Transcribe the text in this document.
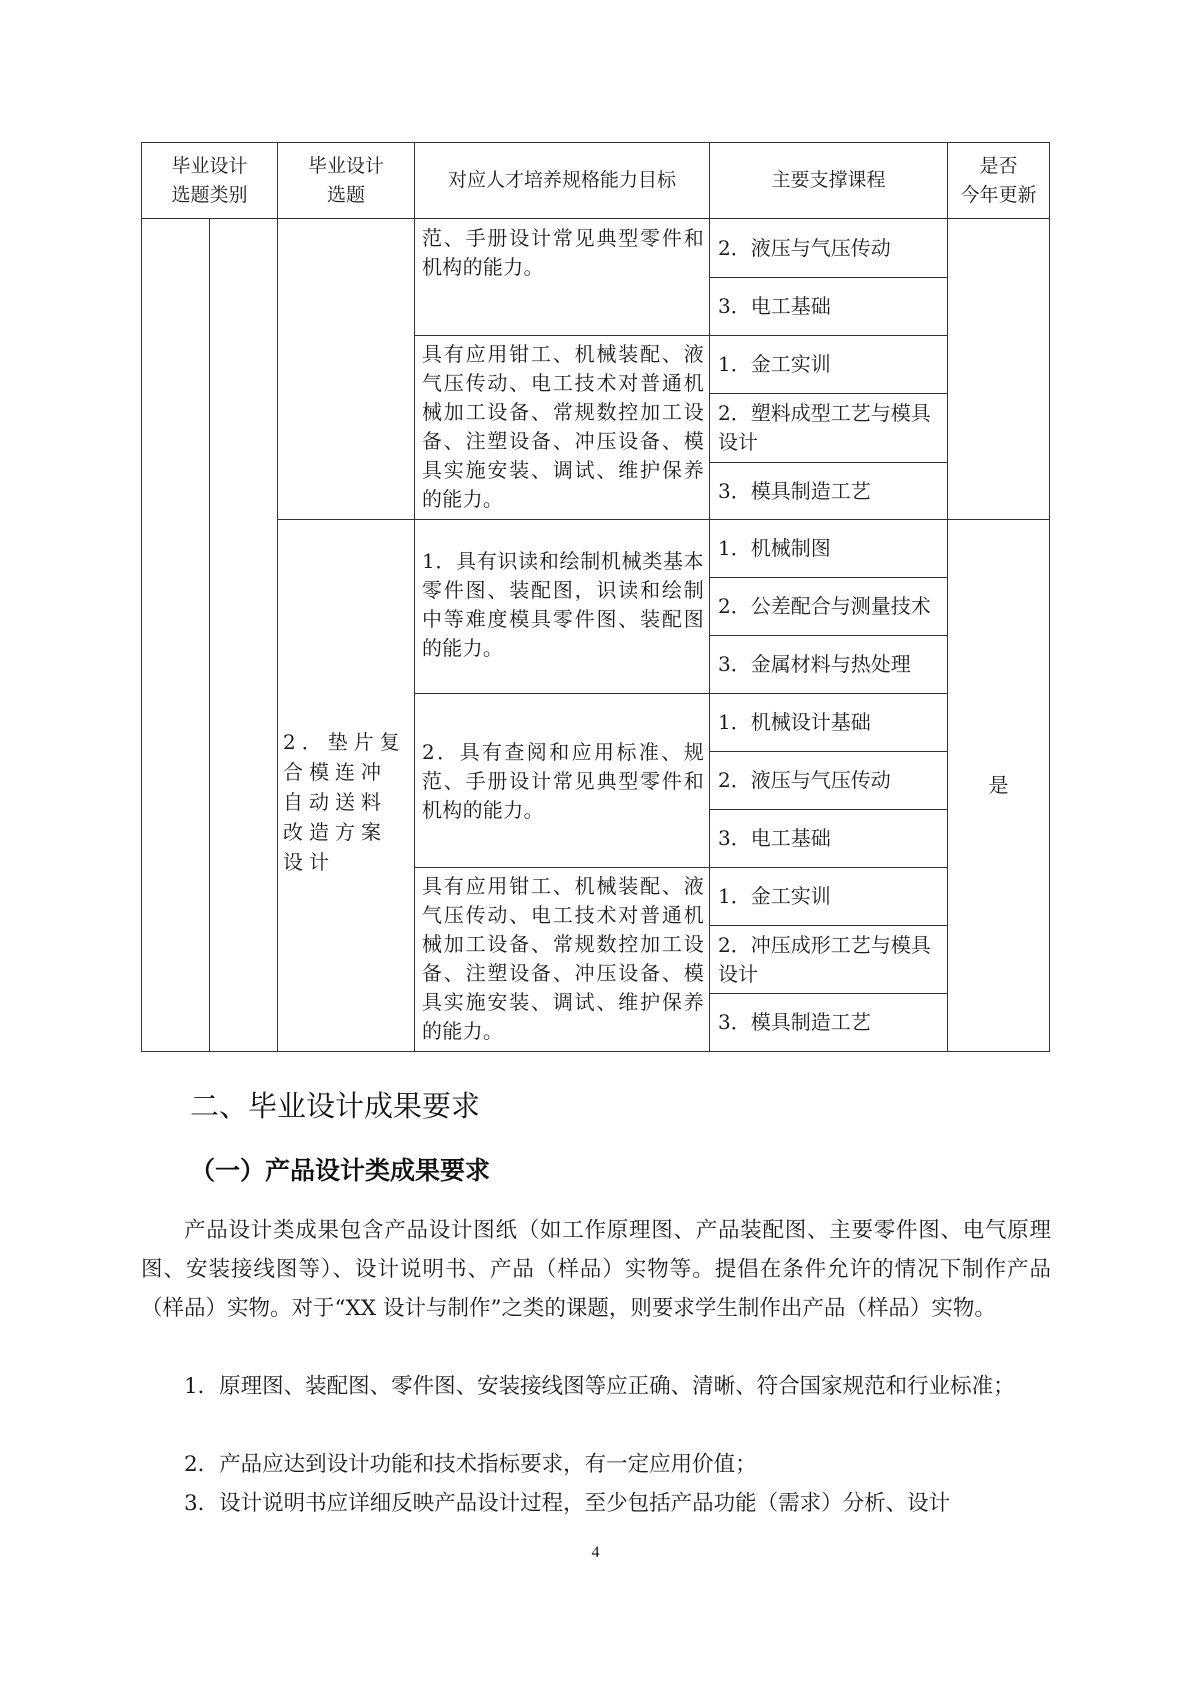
毕业设计
选题类别
毕业设计
选题
对应人才培养规格能力目标	主要支撑课程
是否
今年更新
范、手册设计常见典型零件和机构的能力。
2．液压与气压传动
3．电工基础
具有应用钳工、机械装配、液气压传动、电工技术对普通机械加工设备、常规数控加工设备、注塑设备、冲压设备、模具实施安装、调试、维护保养的能力。
1．金工实训
2．塑料成型工艺与模具设计
3．模具制造工艺
2．垫片复合模连冲自动送料改造方案设计
是
1．具有识读和绘制机械类基本零件图、装配图，识读和绘制中等难度模具零件图、装配图的能力。
1．机械制图
2．公差配合与测量技术
3．金属材料与热处理
2．具有查阅和应用标准、规范、手册设计常见典型零件和机构的能力。
1．机械设计基础
2．液压与气压传动
3．电工基础
具有应用钳工、机械装配、液气压传动、电工技术对普通机械加工设备、常规数控加工设备、注塑设备、冲压设备、模具实施安装、调试、维护保养的能力。
1．金工实训
2．冲压成形工艺与模具设计
3．模具制造工艺
二、毕业设计成果要求
（一）产品设计类成果要求
产品设计类成果包含产品设计图纸（如工作原理图、产品装配图、主要零件图、电气原理图、安装接线图等）、设计说明书、产品（样品）实物等。提倡在条件允许的情况下制作产品（样品）实物。对于“XX 设计与制作”之类的课题，则要求学生制作出产品（样品）实物。
1．原理图、装配图、零件图、安装接线图等应正确、清晰、符合国家规范和行业标准；
2．产品应达到设计功能和技术指标要求，有一定应用价值；
3．设计说明书应详细反映产品设计过程，至少包括产品功能（需求）分析、设计
4
